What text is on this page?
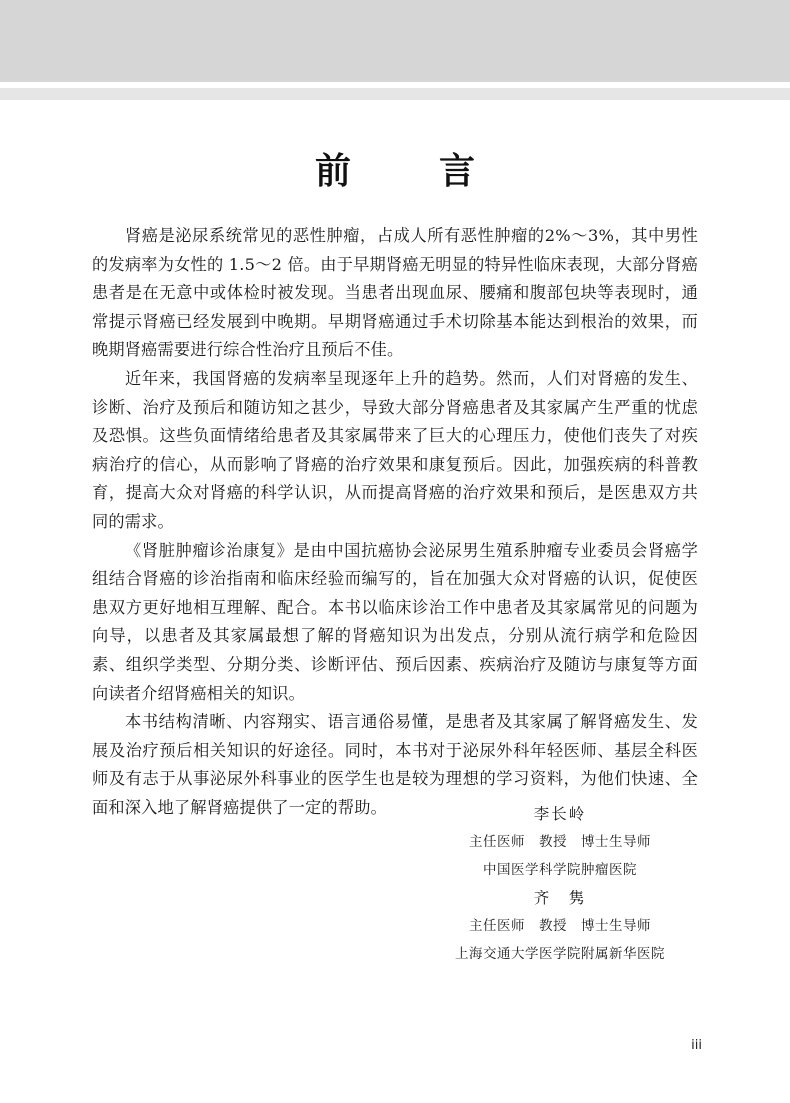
前　言

肾癌是泌尿系统常见的恶性肿瘤，占成人所有恶性肿瘤的2%～3%，其中男性的发病率为女性的 1.5～2 倍。由于早期肾癌无明显的特异性临床表现，大部分肾癌患者是在无意中或体检时被发现。当患者出现血尿、腰痛和腹部包块等表现时，通常提示肾癌已经发展到中晚期。早期肾癌通过手术切除基本能达到根治的效果，而晚期肾癌需要进行综合性治疗且预后不佳。

近年来，我国肾癌的发病率呈现逐年上升的趋势。然而，人们对肾癌的发生、诊断、治疗及预后和随访知之甚少，导致大部分肾癌患者及其家属产生严重的忧虑及恐惧。这些负面情绪给患者及其家属带来了巨大的心理压力，使他们丧失了对疾病治疗的信心，从而影响了肾癌的治疗效果和康复预后。因此，加强疾病的科普教育，提高大众对肾癌的科学认识，从而提高肾癌的治疗效果和预后，是医患双方共同的需求。

《肾脏肿瘤诊治康复》是由中国抗癌协会泌尿男生殖系肿瘤专业委员会肾癌学组结合肾癌的诊治指南和临床经验而编写的，旨在加强大众对肾癌的认识，促使医患双方更好地相互理解、配合。本书以临床诊治工作中患者及其家属常见的问题为向导，以患者及其家属最想了解的肾癌知识为出发点，分别从流行病学和危险因素、组织学类型、分期分类、诊断评估、预后因素、疾病治疗及随访与康复等方面向读者介绍肾癌相关的知识。

本书结构清晰、内容翔实、语言通俗易懂，是患者及其家属了解肾癌发生、发展及治疗预后相关知识的好途径。同时，本书对于泌尿外科年轻医师、基层全科医师及有志于从事泌尿外科事业的医学生也是较为理想的学习资料，为他们快速、全面和深入地了解肾癌提供了一定的帮助。	李长岭
主任医师　教授　博士生导师
中国医学科学院肿瘤医院
齐　隽
主任医师　教授　博士生导师
上海交通大学医学院附属新华医院
iii
